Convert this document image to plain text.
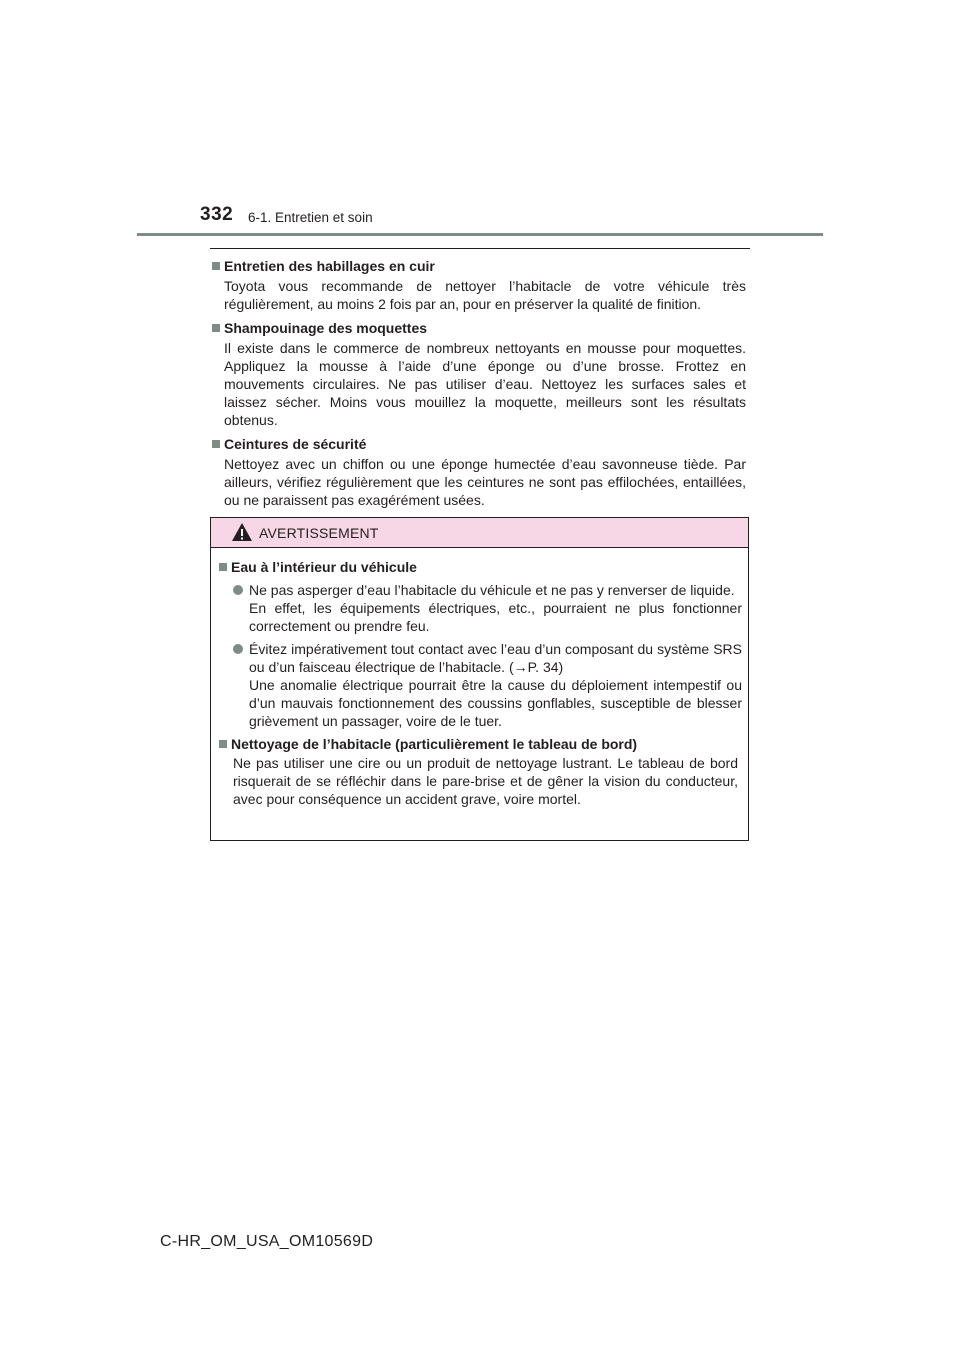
332 6-1. Entretien et soin
Entretien des habillages en cuir
Toyota vous recommande de nettoyer l’habitacle de votre véhicule très régulièrement, au moins 2 fois par an, pour en préserver la qualité de finition.
Shampouinage des moquettes
Il existe dans le commerce de nombreux nettoyants en mousse pour moquettes. Appliquez la mousse à l’aide d’une éponge ou d’une brosse. Frottez en mouvements circulaires. Ne pas utiliser d’eau. Nettoyez les surfaces sales et laissez sécher. Moins vous mouillez la moquette, meilleurs sont les résultats obtenus.
Ceintures de sécurité
Nettoyez avec un chiffon ou une éponge humectée d’eau savonneuse tiède. Par ailleurs, vérifiez régulièrement que les ceintures ne sont pas effilochées, entaillées, ou ne paraissent pas exagérément usées.
AVERTISSEMENT
Eau à l’intérieur du véhicule
Ne pas asperger d’eau l’habitacle du véhicule et ne pas y renverser de liquide.
En effet, les équipements électriques, etc., pourraient ne plus fonctionner correctement ou prendre feu.
Évitez impérativement tout contact avec l’eau d’un composant du système SRS ou d’un faisceau électrique de l’habitacle. (→P. 34)
Une anomalie électrique pourrait être la cause du déploiement intempestif ou d’un mauvais fonctionnement des coussins gonflables, susceptible de blesser grièvement un passager, voire de le tuer.
Nettoyage de l’habitacle (particulièrement le tableau de bord)
Ne pas utiliser une cire ou un produit de nettoyage lustrant. Le tableau de bord risquerait de se réfléchir dans le pare-brise et de gêner la vision du conducteur, avec pour conséquence un accident grave, voire mortel.
C-HR_OM_USA_OM10569D
